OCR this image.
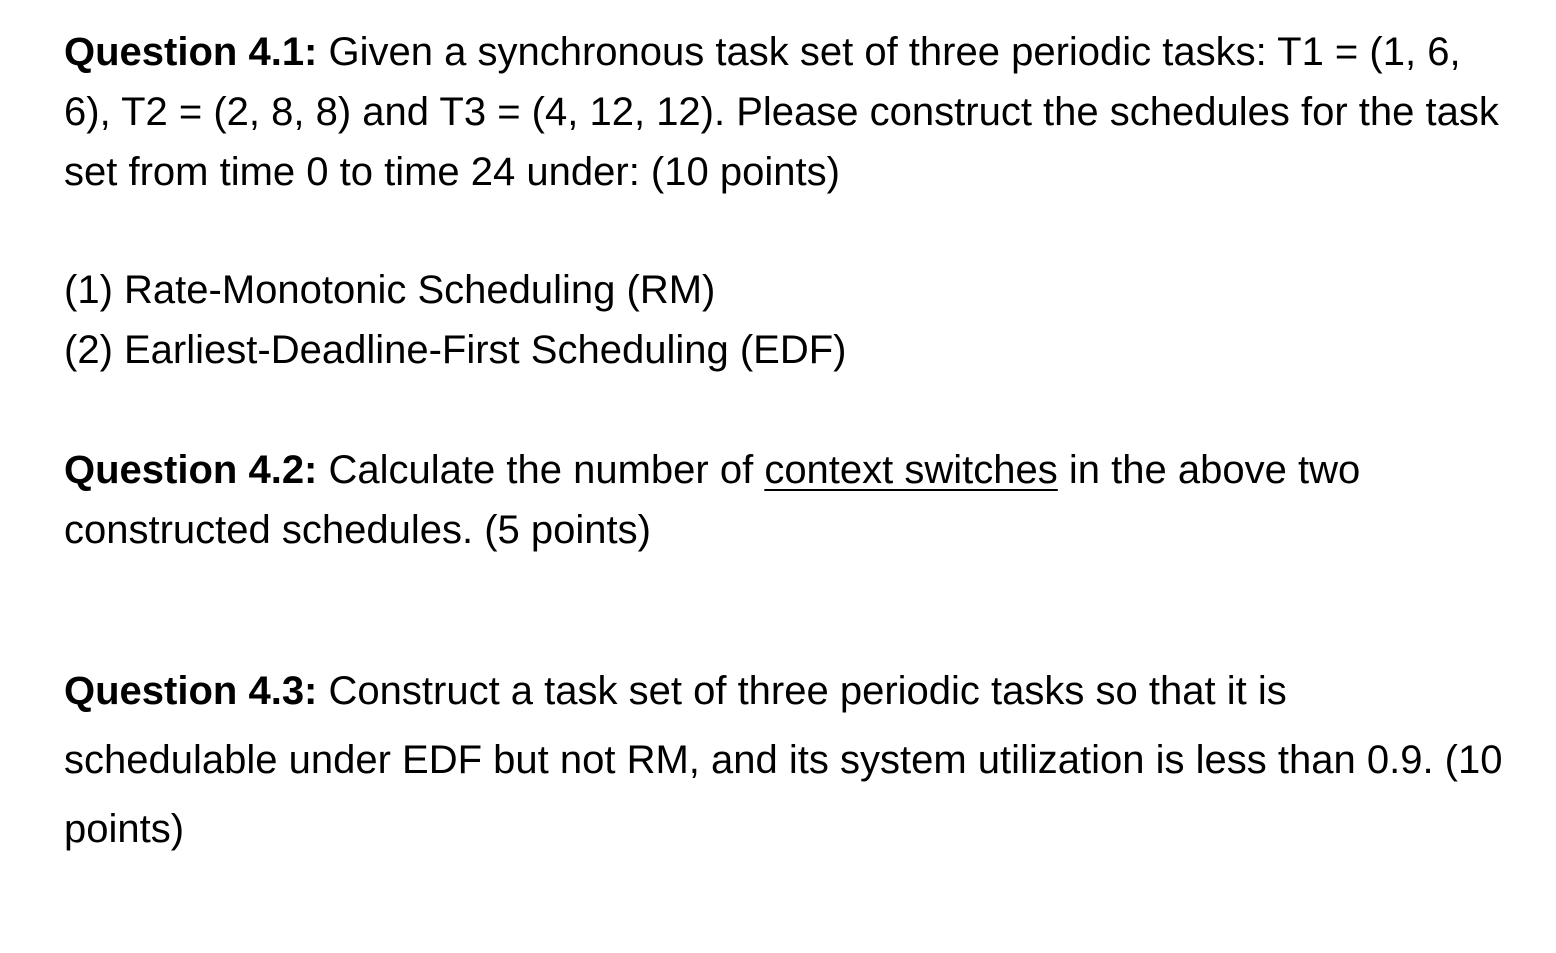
Question 4.1: Given a synchronous task set of three periodic tasks: T1 = (1, 6, 6), T2 = (2, 8, 8) and T3 = (4, 12, 12). Please construct the schedules for the task set from time 0 to time 24 under: (10 points)

(1) Rate-Monotonic Scheduling (RM)
(2) Earliest-Deadline-First Scheduling (EDF)

Question 4.2: Calculate the number of context switches in the above two constructed schedules. (5 points)

Question 4.3: Construct a task set of three periodic tasks so that it is schedulable under EDF but not RM, and its system utilization is less than 0.9. (10 points)
